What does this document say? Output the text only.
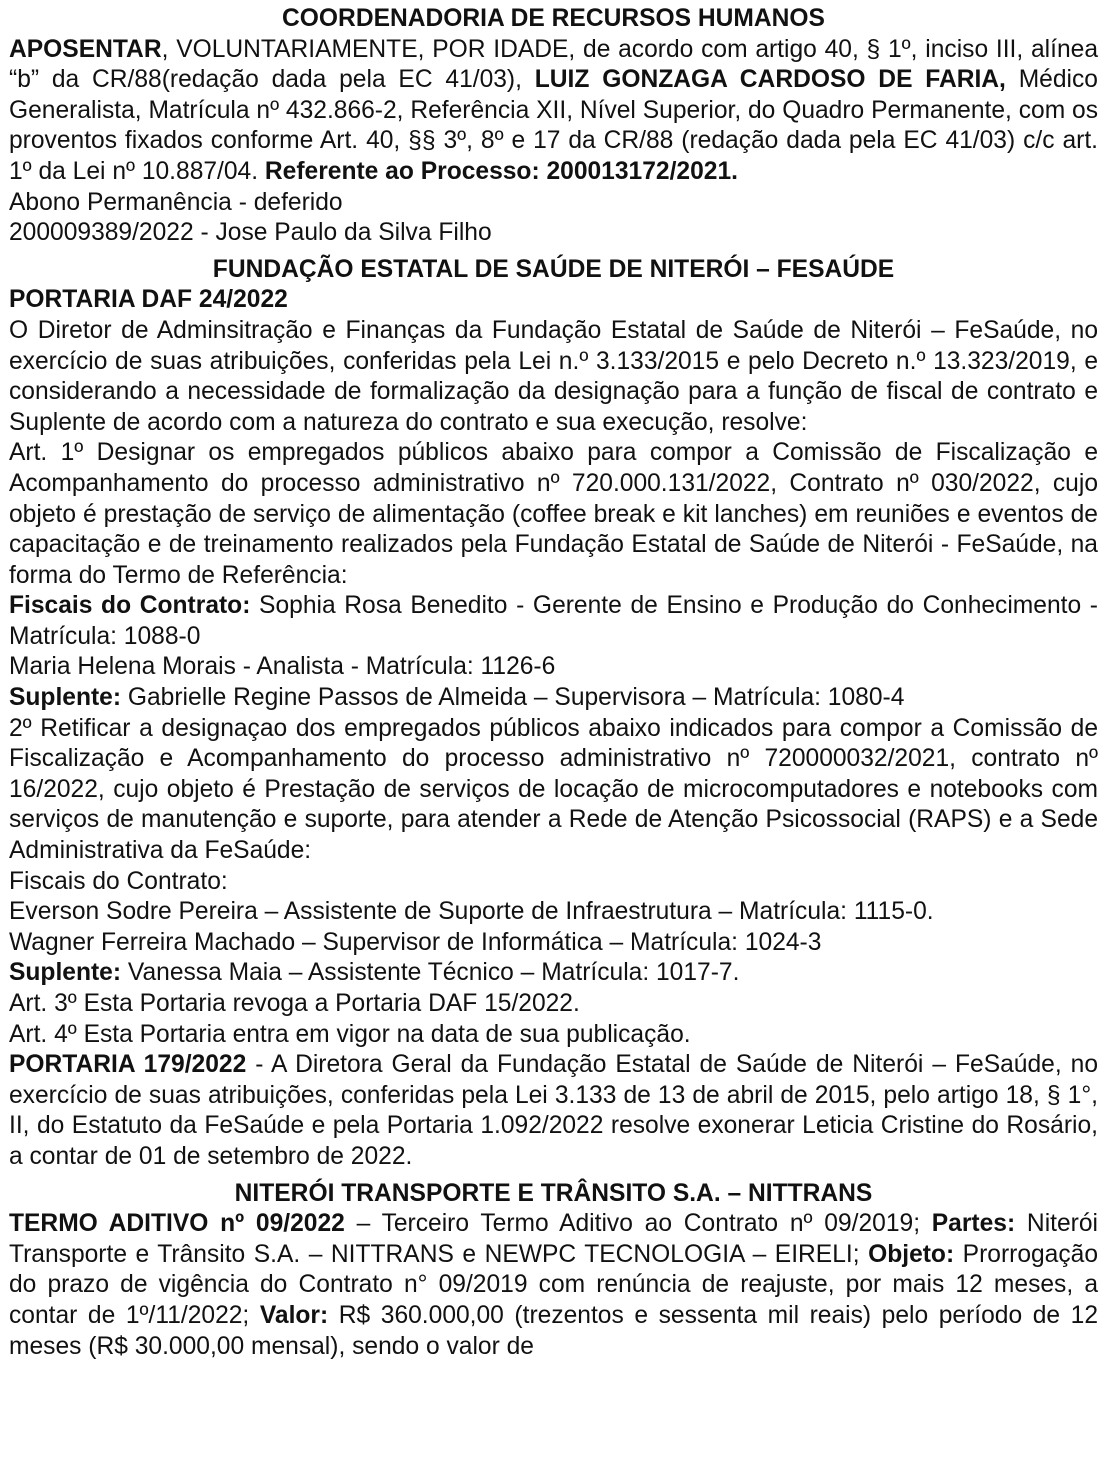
COORDENADORIA DE RECURSOS HUMANOS

APOSENTAR, VOLUNTARIAMENTE, POR IDADE, de acordo com artigo 40, § 1º, inciso III, alínea “b” da CR/88(redação dada pela EC 41/03), LUIZ GONZAGA CARDOSO DE FARIA, Médico Generalista, Matrícula nº 432.866-2, Referência XII, Nível Superior, do Quadro Permanente, com os proventos fixados conforme Art. 40, §§ 3º, 8º e 17 da CR/88 (redação dada pela EC 41/03) c/c art. 1º da Lei nº 10.887/04. Referente ao Processo: 200013172/2021.

Abono Permanência - deferido

200009389/2022 - Jose Paulo da Silva Filho

FUNDAÇÃO ESTATAL DE SAÚDE DE NITERÓI – FESAÚDE

PORTARIA DAF 24/2022

O Diretor de Adminsitração e Finanças da Fundação Estatal de Saúde de Niterói – FeSaúde, no exercício de suas atribuições, conferidas pela Lei n.º 3.133/2015 e pelo Decreto n.º 13.323/2019, e considerando a necessidade de formalização da designação para a função de fiscal de contrato e Suplente de acordo com a natureza do contrato e sua execução, resolve:

Art. 1º Designar os empregados públicos abaixo para compor a Comissão de Fiscalização e Acompanhamento do processo administrativo nº 720.000.131/2022, Contrato nº 030/2022, cujo objeto é prestação de serviço de alimentação (coffee break e kit lanches) em reuniões e eventos de capacitação e de treinamento realizados pela Fundação Estatal de Saúde de Niterói - FeSaúde, na forma do Termo de Referência:

Fiscais do Contrato: Sophia Rosa Benedito - Gerente de Ensino e Produção do Conhecimento - Matrícula: 1088-0

Maria Helena Morais - Analista - Matrícula: 1126-6

Suplente: Gabrielle Regine Passos de Almeida – Supervisora – Matrícula: 1080-4

2º Retificar a designaçao dos empregados públicos abaixo indicados para compor a Comissão de Fiscalização e Acompanhamento do processo administrativo nº 720000032/2021, contrato nº 16/2022, cujo objeto é Prestação de serviços de locação de microcomputadores e notebooks com serviços de manutenção e suporte, para atender a Rede de Atenção Psicossocial (RAPS) e a Sede Administrativa da FeSaúde:

Fiscais do Contrato:

Everson Sodre Pereira – Assistente de Suporte de Infraestrutura – Matrícula: 1115-0.

Wagner Ferreira Machado – Supervisor de Informática – Matrícula: 1024-3

Suplente: Vanessa Maia – Assistente Técnico – Matrícula: 1017-7.

Art. 3º Esta Portaria revoga a Portaria DAF 15/2022.

Art. 4º Esta Portaria entra em vigor na data de sua publicação.

PORTARIA 179/2022 - A Diretora Geral da Fundação Estatal de Saúde de Niterói – FeSaúde, no exercício de suas atribuições, conferidas pela Lei 3.133 de 13 de abril de 2015, pelo artigo 18, § 1°, II, do Estatuto da FeSaúde e pela Portaria 1.092/2022 resolve exonerar Leticia Cristine do Rosário, a contar de 01 de setembro de 2022.

NITERÓI TRANSPORTE E TRÂNSITO S.A. – NITTRANS

TERMO ADITIVO nº 09/2022 – Terceiro Termo Aditivo ao Contrato nº 09/2019; Partes: Niterói Transporte e Trânsito S.A. – NITTRANS e NEWPC TECNOLOGIA – EIRELI; Objeto: Prorrogação do prazo de vigência do Contrato n° 09/2019 com renúncia de reajuste, por mais 12 meses, a contar de 1º/11/2022; Valor: R$ 360.000,00 (trezentos e sessenta mil reais) pelo período de 12 meses (R$ 30.000,00 mensal), sendo o valor de
